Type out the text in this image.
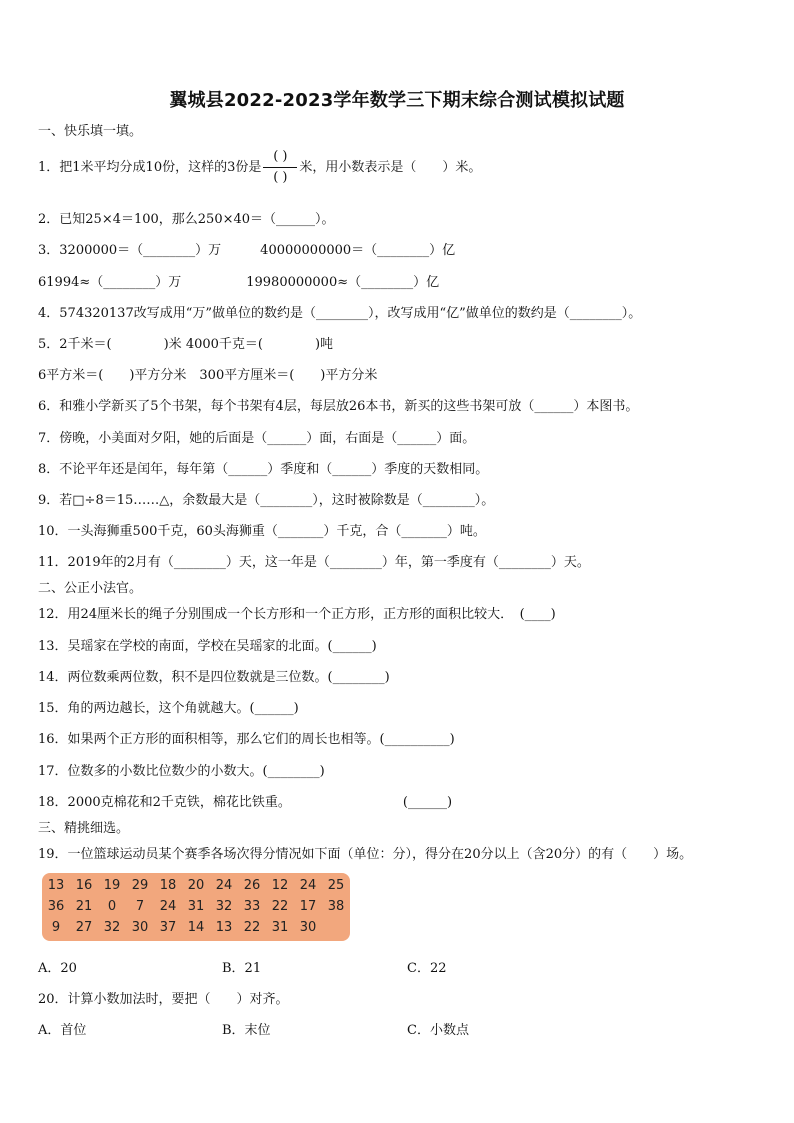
翼城县2022-2023学年数学三下期末综合测试模拟试题
一、快乐填一填。
1．把1米平均分成10份，这样的3份是 $\frac{( )}{( )}$ 米，用小数表示是（　　）米。
2．已知25×4＝100，那么250×40＝（______）。
3．3200000＝（________）万　　　40000000000＝（________）亿
61994≈（________）万　　　　　19980000000≈（________）亿
4．574320137改写成用“万”做单位的数约是（________），改写成用“亿”做单位的数约是（________）。
5．2千米＝(　　　　)米 4000千克＝(　　　　)吨
6平方米＝(　　)平方分米　300平方厘米＝(　　)平方分米
6．和雅小学新买了5个书架，每个书架有4层，每层放26本书，新买的这些书架可放（______）本图书。
7．傍晚，小美面对夕阳，她的后面是（______）面，右面是（______）面。
8．不论平年还是闰年，每年第（______）季度和（______）季度的天数相同。
9．若□÷8＝15……△，余数最大是（________），这时被除数是（________）。
10．一头海狮重500千克，60头海狮重（_______）千克，合（_______）吨。
11．2019年的2月有（________）天，这一年是（________）年，第一季度有（________）天。
二、公正小法官。
12．用24厘米长的绳子分别围成一个长方形和一个正方形，正方形的面积比较大．　(____)
13．吴瑶家在学校的南面，学校在吴瑶家的北面。(______)
14．两位数乘两位数，积不是四位数就是三位数。(________)
15．角的两边越长，这个角就越大。(______)
16．如果两个正方形的面积相等，那么它们的周长也相等。(__________)
17．位数多的小数比位数少的小数大。(________)
18．2000克棉花和2千克铁，棉花比铁重。	(______)
三、精挑细选。
19．一位篮球运动员某个赛季各场次得分情况如下面（单位：分），得分在20分以上（含20分）的有（　　）场。
13 16 19 29 18 20 24 26 12 24 25
36 21	0	7	24 31 32 33 22 17 38
9	27 32 30 37 14 13 22 31 30
A．20	B．21	C．22
20．计算小数加法时，要把（　　）对齐。
A．首位	B．末位	C．小数点
